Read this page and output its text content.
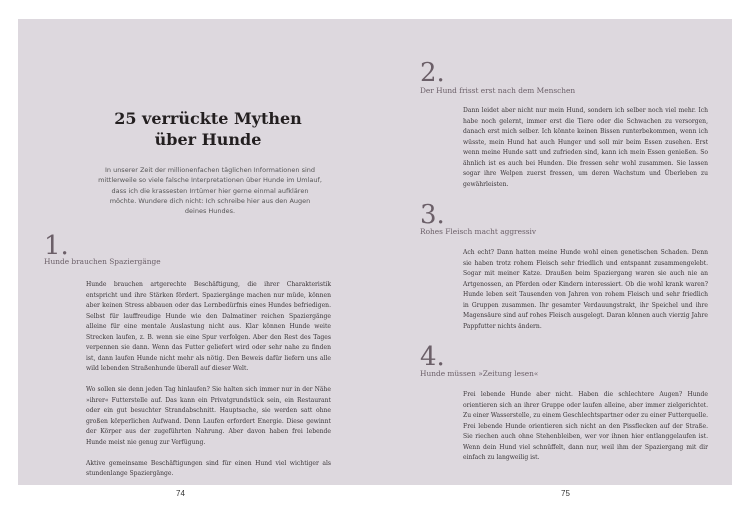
25 verrückte Mythen
über Hunde
In unserer Zeit der millionenfachen täglichen Informationen sind mittlerweile so viele falsche Interpretationen über Hunde im Umlauf, dass ich die krassesten Irrtümer hier gerne einmal aufklären möchte. Wundere dich nicht: Ich schreibe hier aus den Augen deines Hundes.
1.
Hunde brauchen Spaziergänge

Hunde brauchen artgerechte Beschäftigung, die ihrer Charakteristik entspricht und ihre Stärken fördert. Spaziergänge machen nur müde, können aber keinen Stress abbauen oder das Lernbedürfnis eines Hundes befriedigen. Selbst für lauffreudige Hunde wie den Dalmatiner reichen Spaziergänge alleine für eine mentale Auslastung nicht aus. Klar können Hunde weite Strecken laufen, z. B. wenn sie eine Spur verfolgen. Aber den Rest des Tages verpennen sie dann. Wenn das Futter geliefert wird oder sehr nahe zu finden ist, dann laufen Hunde nicht mehr als nötig. Den Beweis dafür liefern uns alle wild lebenden Straßenhunde überall auf dieser Welt.

Wo sollen sie denn jeden Tag hinlaufen? Sie halten sich immer nur in der Nähe »ihrer« Futterstelle auf. Das kann ein Privatgrundstück sein, ein Restaurant oder ein gut besuchter Strandabschnitt. Hauptsache, sie werden satt ohne großen körperlichen Aufwand. Denn Laufen erfordert Energie. Diese gewinnt der Körper aus der zugeführten Nahrung. Aber davon haben frei lebende Hunde meist nie genug zur Verfügung.

Aktive gemeinsame Beschäftigungen sind für einen Hund viel wichtiger als stundenlange Spaziergänge.

74
2.
Der Hund frisst erst nach dem Menschen

Dann leidet aber nicht nur mein Hund, sondern ich selber noch viel mehr. Ich habe noch gelernt, immer erst die Tiere oder die Schwachen zu versorgen, danach erst mich selber. Ich könnte keinen Bissen runterbekommen, wenn ich wüsste, mein Hund hat auch Hunger und soll mir beim Essen zusehen. Erst wenn meine Hunde satt und zufrieden sind, kann ich mein Essen genießen. So ähnlich ist es auch bei Hunden. Die fressen sehr wohl zusammen. Sie lassen sogar ihre Welpen zuerst fressen, um deren Wachstum und Überleben zu gewährleisten.

3.
Rohes Fleisch macht aggressiv

Ach echt? Dann hatten meine Hunde wohl einen genetischen Schaden. Denn sie haben trotz rohem Fleisch sehr friedlich und entspannt zusammengelebt. Sogar mit meiner Katze. Draußen beim Spaziergang waren sie auch nie an Artgenossen, an Pferden oder Kindern interessiert. Ob die wohl krank waren? Hunde leben seit Tausenden von Jahren von rohem Fleisch und sehr friedlich in Gruppen zusammen. Ihr gesamter Verdauungstrakt, ihr Speichel und ihre Magensäure sind auf rohes Fleisch ausgelegt. Daran können auch vierzig Jahre Pappfutter nichts ändern.

4.
Hunde müssen »Zeitung lesen«

Frei lebende Hunde aber nicht. Haben die schlechtere Augen? Hunde orientieren sich an ihrer Gruppe oder laufen alleine, aber immer zielgerichtet. Zu einer Wasserstelle, zu einem Geschlechtspartner oder zu einer Futterquelle. Frei lebende Hunde orientieren sich nicht an den Pissflecken auf der Straße. Sie riechen auch ohne Stehenbleiben, wer vor ihnen hier entlanggelaufen ist. Wenn dein Hund viel schnüffelt, dann nur, weil ihm der Spaziergang mit dir einfach zu langweilig ist.

75
